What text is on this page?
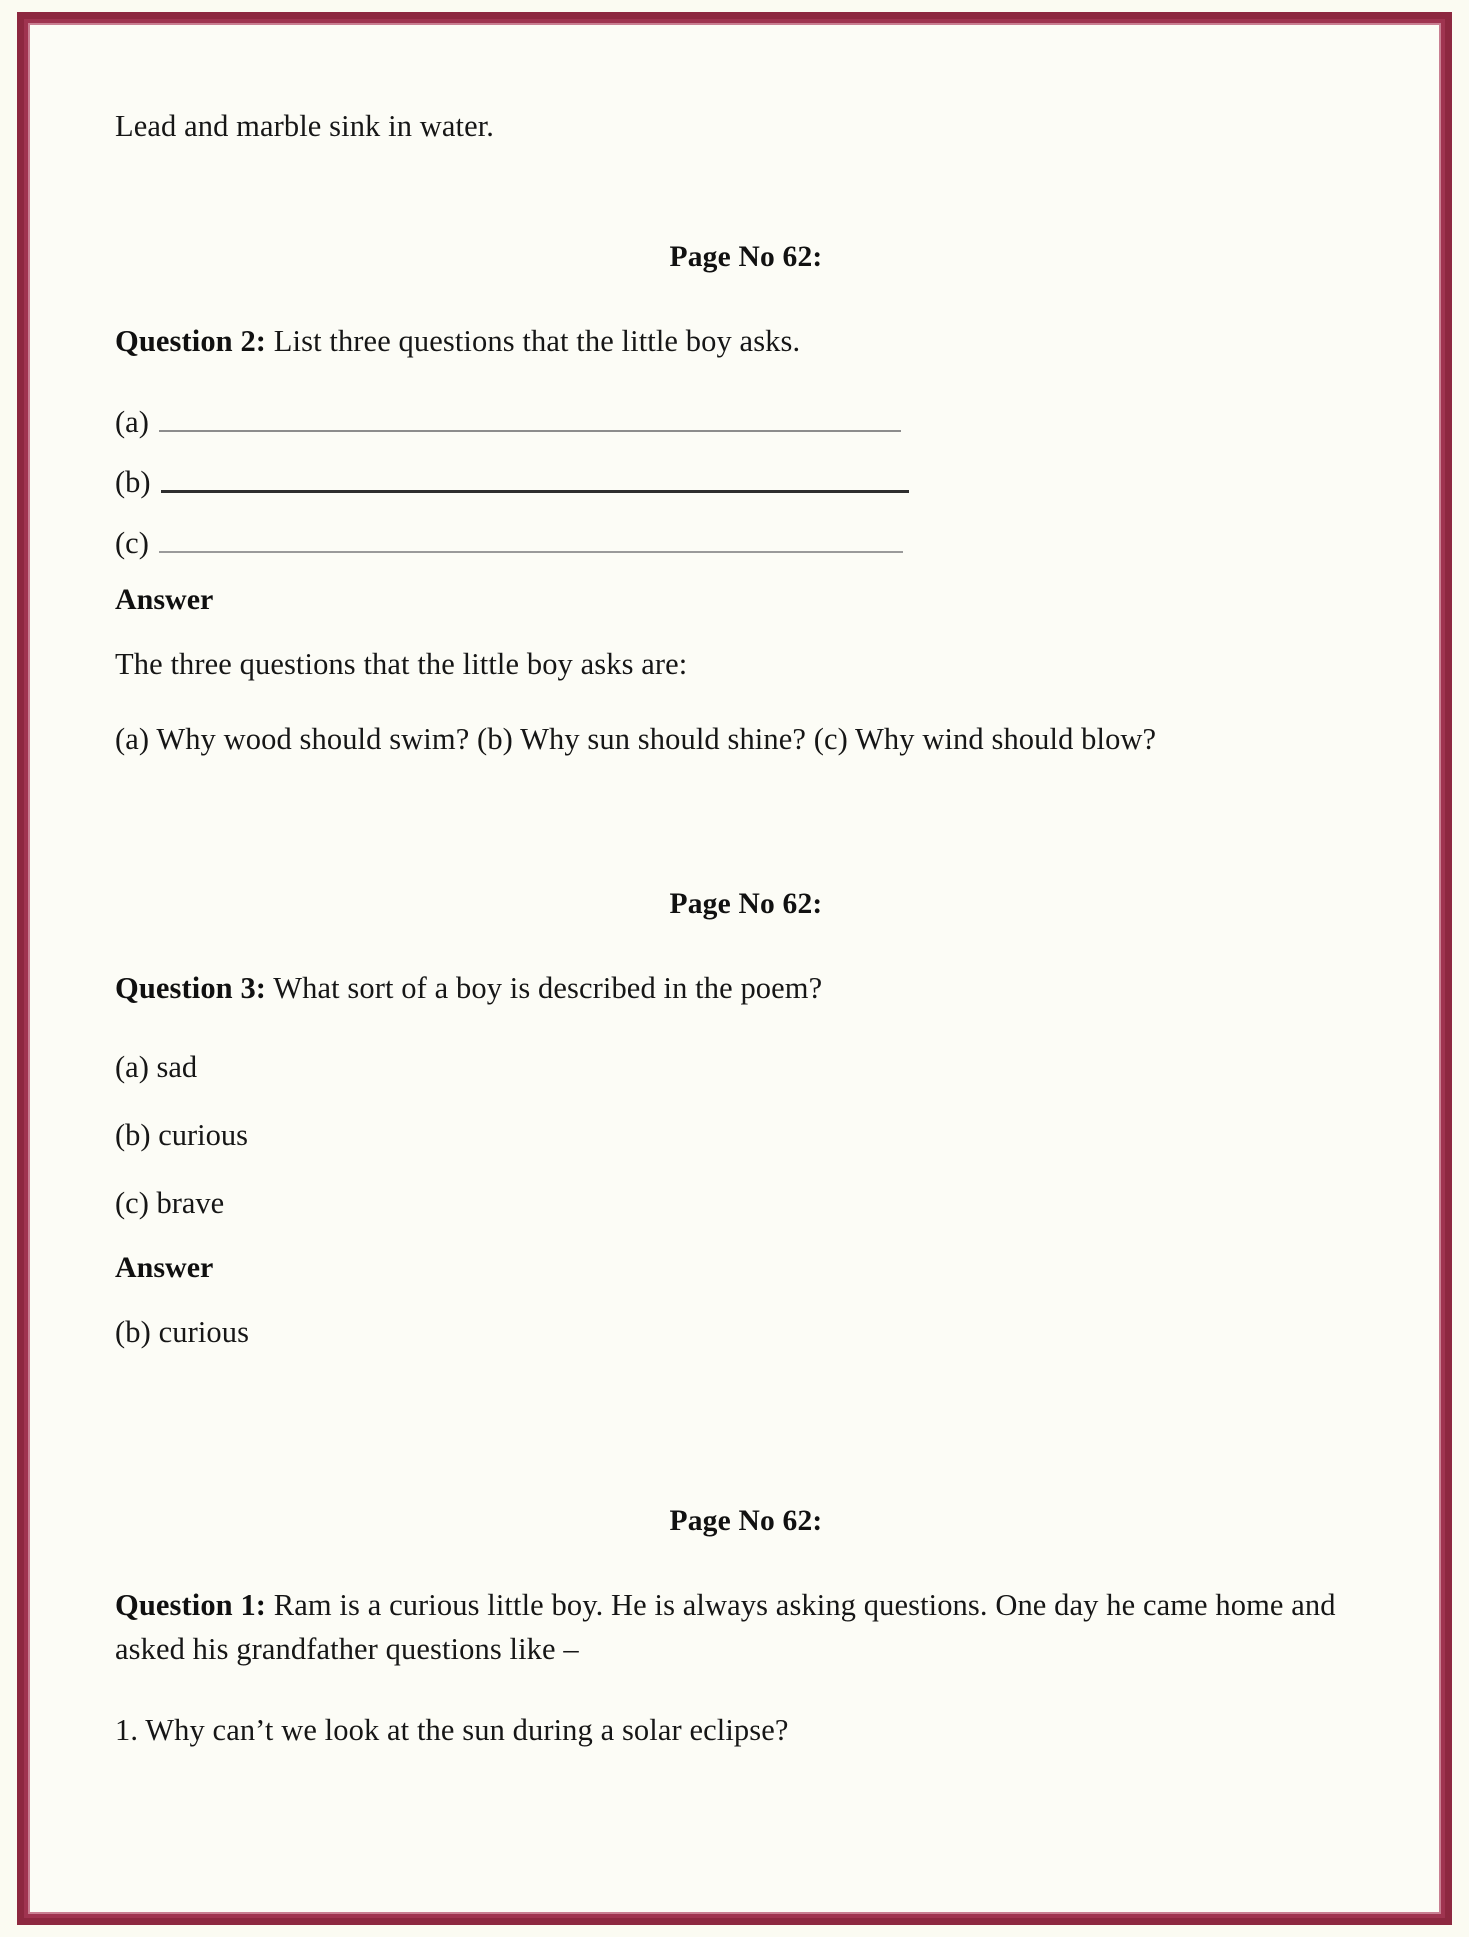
Lead and marble sink in water.

Page No 62:

Question 2: List three questions that the little boy asks.

(a)
(b)
(c)

Answer

The three questions that the little boy asks are:

(a) Why wood should swim? (b) Why sun should shine? (c) Why wind should blow?

Page No 62:

Question 3: What sort of a boy is described in the poem?

(a) sad

(b) curious

(c) brave

Answer

(b) curious

Page No 62:

Question 1: Ram is a curious little boy. He is always asking questions. One day he came home and asked his grandfather questions like –

1. Why can’t we look at the sun during a solar eclipse?
